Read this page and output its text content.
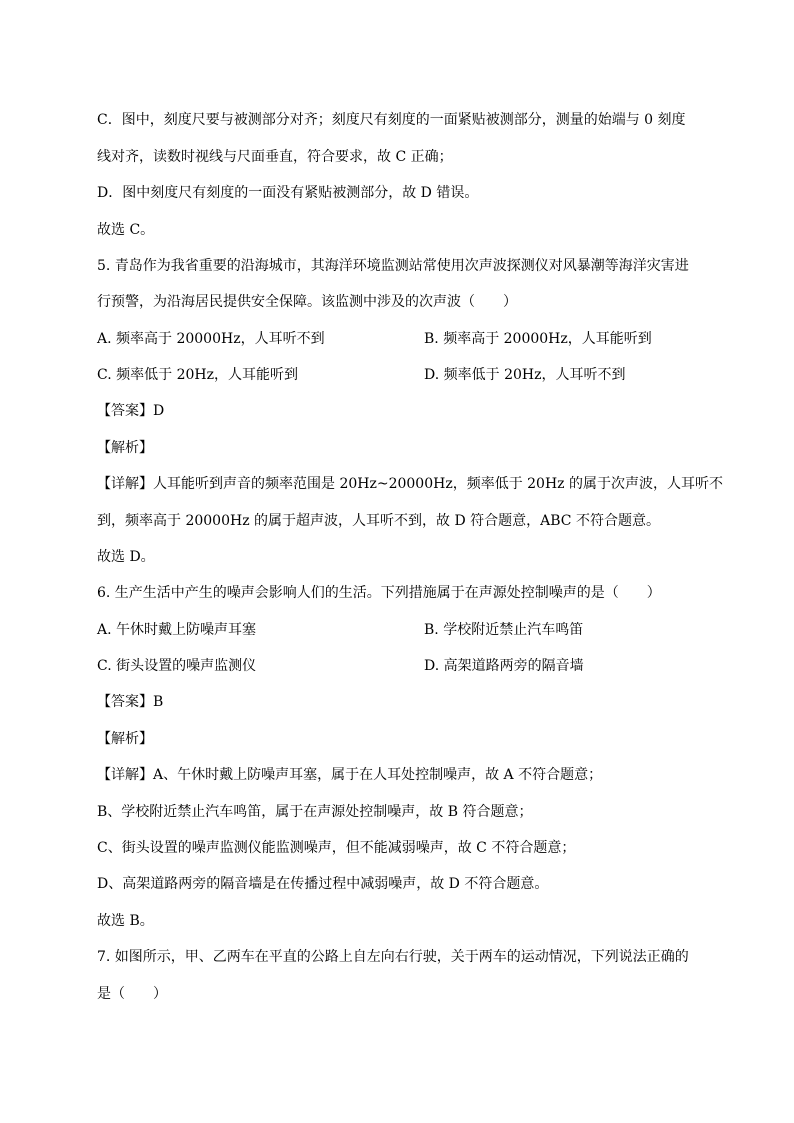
C．图中，刻度尺要与被测部分对齐；刻度尺有刻度的一面紧贴被测部分，测量的始端与 0 刻度
线对齐，读数时视线与尺面垂直，符合要求，故 C 正确；
D．图中刻度尺有刻度的一面没有紧贴被测部分，故 D 错误。
故选 C。
5. 青岛作为我省重要的沿海城市，其海洋环境监测站常使用次声波探测仪对风暴潮等海洋灾害进
行预警，为沿海居民提供安全保障。该监测中涉及的次声波（　　）
A. 频率高于 20000Hz，人耳听不到	B. 频率高于 20000Hz，人耳能听到
C. 频率低于 20Hz，人耳能听到	D. 频率低于 20Hz，人耳听不到
【答案】D
【解析】
【详解】人耳能听到声音的频率范围是 20Hz~20000Hz，频率低于 20Hz 的属于次声波，人耳听不
到，频率高于 20000Hz 的属于超声波，人耳听不到，故 D 符合题意，ABC 不符合题意。
故选 D。
6. 生产生活中产生的噪声会影响人们的生活。下列措施属于在声源处控制噪声的是（　　）
A. 午休时戴上防噪声耳塞	B. 学校附近禁止汽车鸣笛
C. 街头设置的噪声监测仪	D. 高架道路两旁的隔音墙
【答案】B
【解析】
【详解】A、午休时戴上防噪声耳塞，属于在人耳处控制噪声，故 A 不符合题意；
B、学校附近禁止汽车鸣笛，属于在声源处控制噪声，故 B 符合题意；
C、街头设置的噪声监测仪能监测噪声，但不能减弱噪声，故 C 不符合题意；
D、高架道路两旁的隔音墙是在传播过程中减弱噪声，故 D 不符合题意。
故选 B。
7. 如图所示，甲、乙两车在平直的公路上自左向右行驶，关于两车的运动情况，下列说法正确的
是（　　）
